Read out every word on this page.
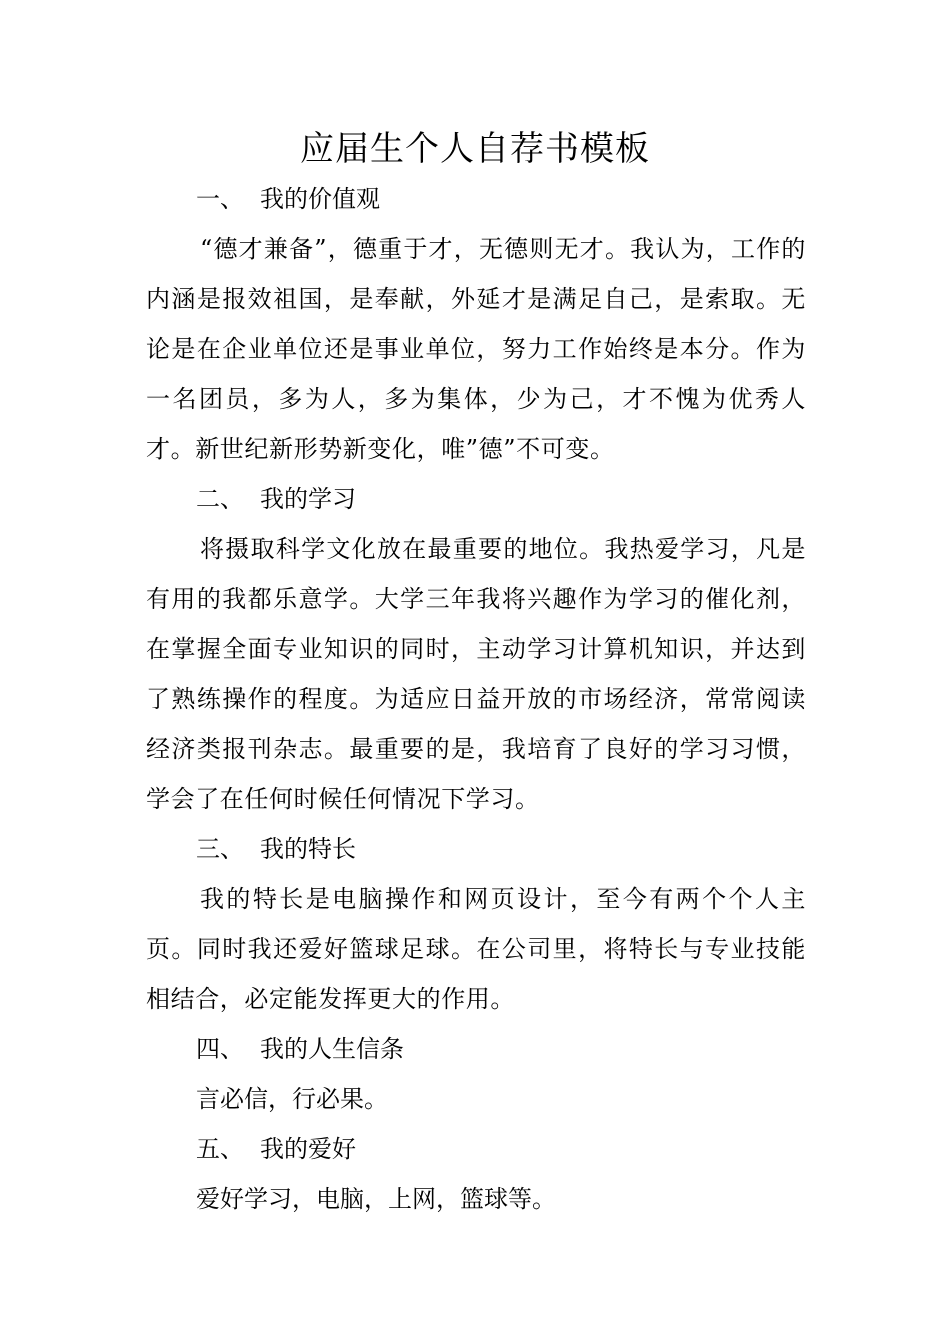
应届生个人自荐书模板

一、 我的价值观

“德才兼备”，德重于才，无德则无才。我认为，工作的内涵是报效祖国，是奉献，外延才是满足自己，是索取。无论是在企业单位还是事业单位，努力工作始终是本分。作为一名团员，多为人，多为集体，少为己，才不愧为优秀人才。新世纪新形势新变化，唯”德”不可变。

二、 我的学习

将摄取科学文化放在最重要的地位。我热爱学习，凡是有用的我都乐意学。大学三年我将兴趣作为学习的催化剂，在掌握全面专业知识的同时，主动学习计算机知识，并达到了熟练操作的程度。为适应日益开放的市场经济，常常阅读经济类报刊杂志。最重要的是，我培育了良好的学习习惯，学会了在任何时候任何情况下学习。

三、 我的特长

我的特长是电脑操作和网页设计，至今有两个个人主页。同时我还爱好篮球足球。在公司里，将特长与专业技能相结合，必定能发挥更大的作用。

四、 我的人生信条

言必信，行必果。

五、 我的爱好

爱好学习，电脑，上网，篮球等。
